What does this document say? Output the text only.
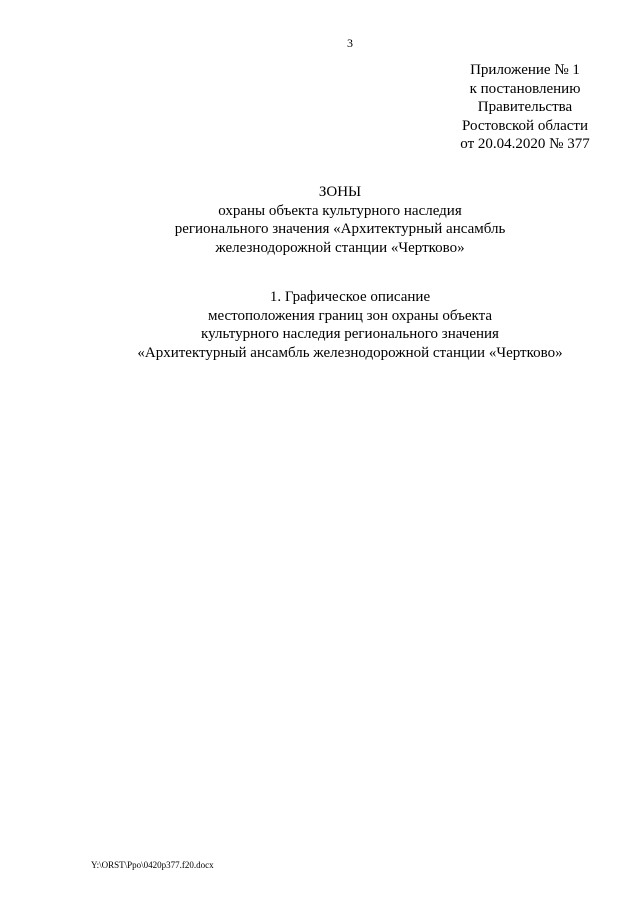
3
Приложение № 1
к постановлению
Правительства
Ростовской области
от 20.04.2020 № 377
ЗОНЫ
охраны объекта культурного наследия
регионального значения «Архитектурный ансамбль
железнодорожной станции «Чертково»
1. Графическое описание
местоположения границ зон охраны объекта
культурного наследия регионального значения
«Архитектурный ансамбль железнодорожной станции «Чертково»
Y:\ORST\Ppo\0420p377.f20.docx
